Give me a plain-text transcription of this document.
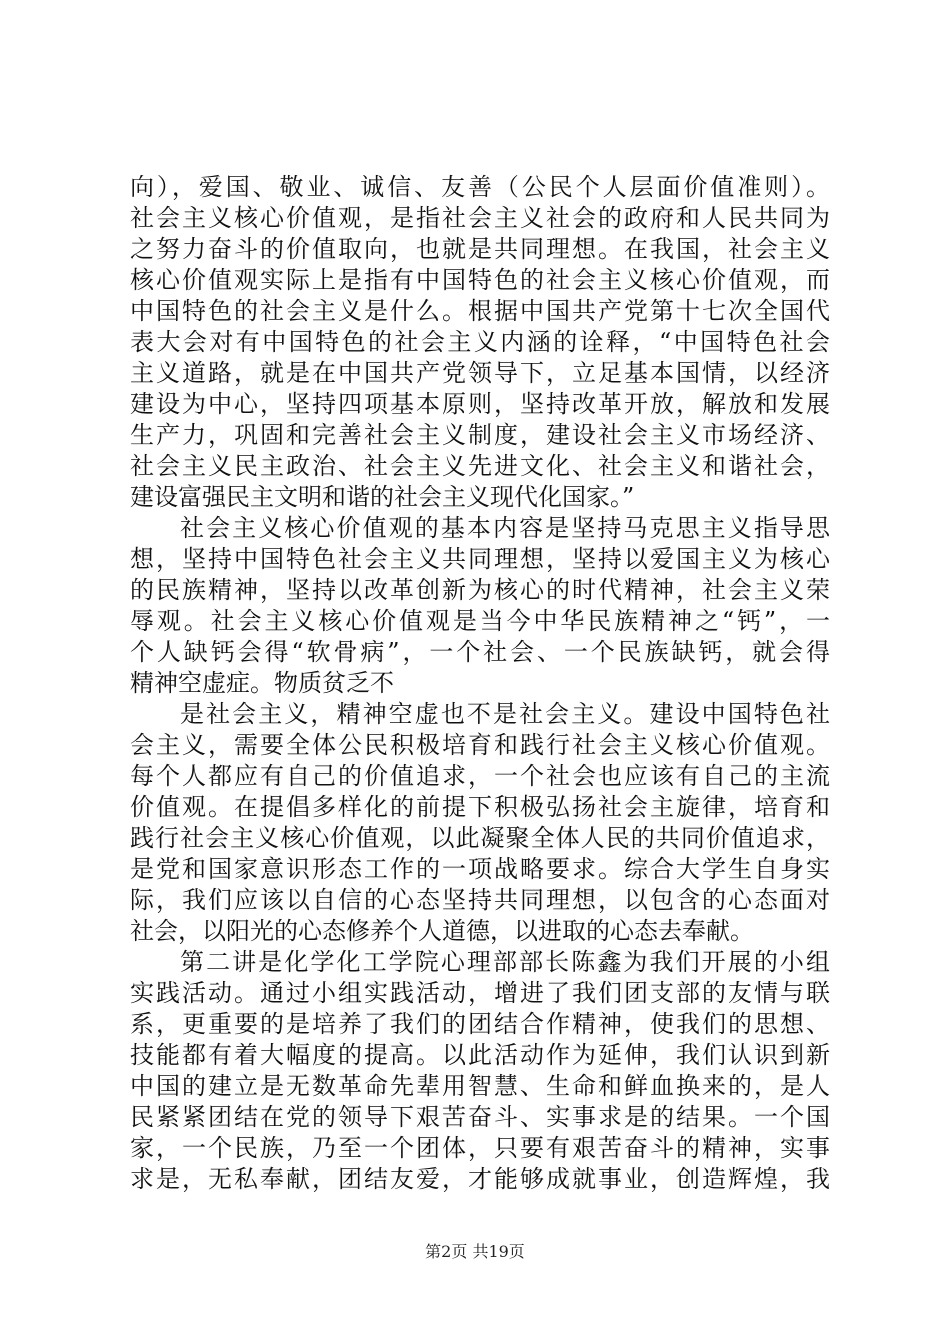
向），爱国、敬业、诚信、友善（公民个人层面价值准则）。
社会主义核心价值观，是指社会主义社会的政府和人民共同为
之努力奋斗的价值取向，也就是共同理想。在我国，社会主义
核心价值观实际上是指有中国特色的社会主义核心价值观，而
中国特色的社会主义是什么。根据中国共产党第十七次全国代
表大会对有中国特色的社会主义内涵的诠释，“中国特色社会
主义道路，就是在中国共产党领导下，立足基本国情，以经济
建设为中心，坚持四项基本原则，坚持改革开放，解放和发展
生产力，巩固和完善社会主义制度，建设社会主义市场经济、
社会主义民主政治、社会主义先进文化、社会主义和谐社会，
建设富强民主文明和谐的社会主义现代化国家。”
社会主义核心价值观的基本内容是坚持马克思主义指导思
想，坚持中国特色社会主义共同理想，坚持以爱国主义为核心
的民族精神，坚持以改革创新为核心的时代精神，社会主义荣
辱观。社会主义核心价值观是当今中华民族精神之“钙”，一
个人缺钙会得“软骨病”，一个社会、一个民族缺钙，就会得
精神空虚症。物质贫乏不
是社会主义，精神空虚也不是社会主义。建设中国特色社
会主义，需要全体公民积极培育和践行社会主义核心价值观。
每个人都应有自己的价值追求，一个社会也应该有自己的主流
价值观。在提倡多样化的前提下积极弘扬社会主旋律，培育和
践行社会主义核心价值观，以此凝聚全体人民的共同价值追求，
是党和国家意识形态工作的一项战略要求。综合大学生自身实
际，我们应该以自信的心态坚持共同理想，以包含的心态面对
社会，以阳光的心态修养个人道德，以进取的心态去奉献。
第二讲是化学化工学院心理部部长陈鑫为我们开展的小组
实践活动。通过小组实践活动，增进了我们团支部的友情与联
系，更重要的是培养了我们的团结合作精神，使我们的思想、
技能都有着大幅度的提高。以此活动作为延伸，我们认识到新
中国的建立是无数革命先辈用智慧、生命和鲜血换来的，是人
民紧紧团结在党的领导下艰苦奋斗、实事求是的结果。一个国
家，一个民族，乃至一个团体，只要有艰苦奋斗的精神，实事
求是，无私奉献，团结友爱，才能够成就事业，创造辉煌，我
第2页 共19页
